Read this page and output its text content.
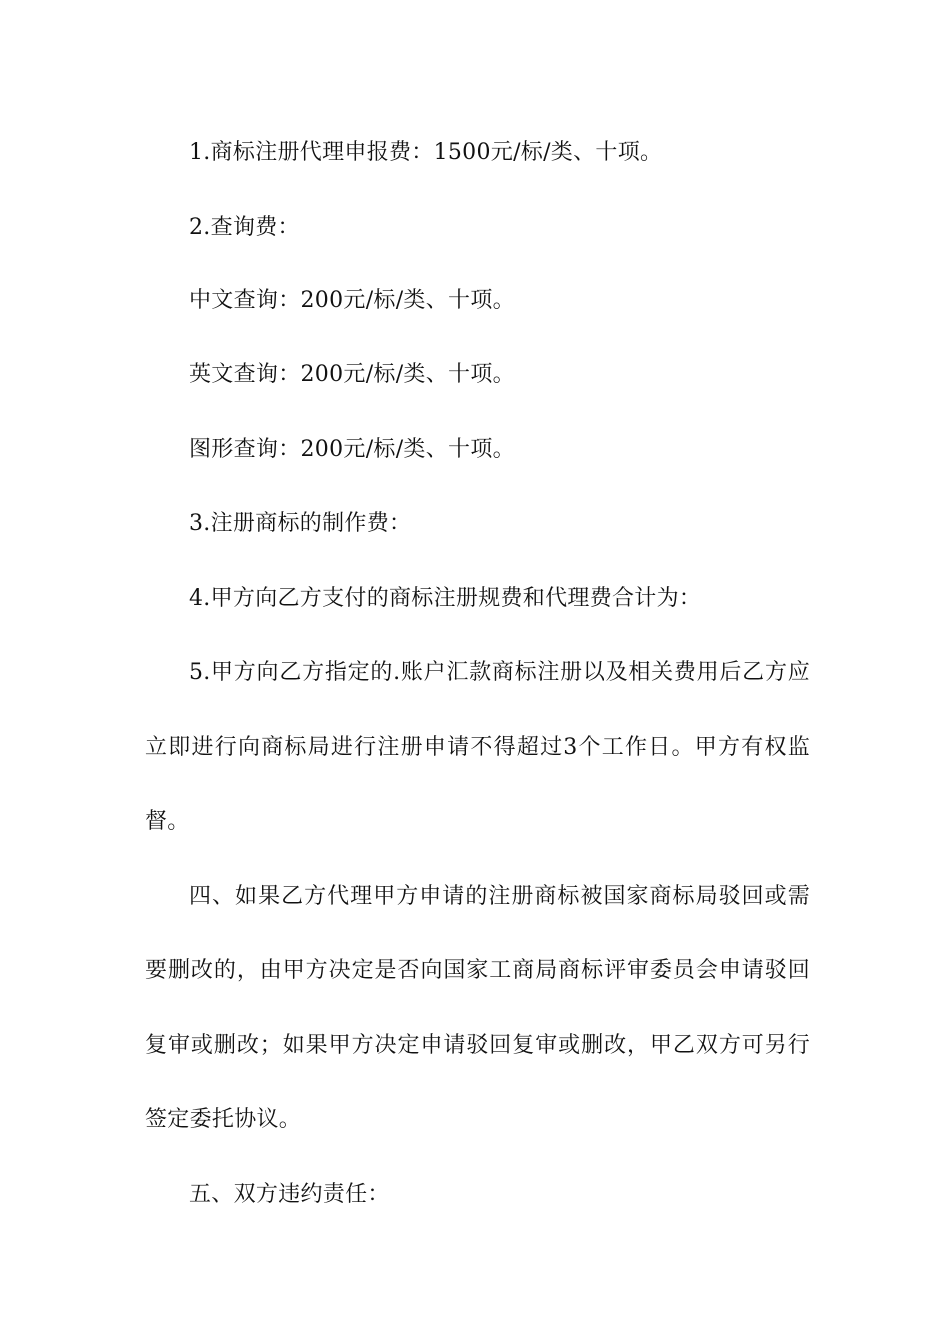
1.商标注册代理申报费：1500元/标/类、十项。
2.查询费：
中文查询：200元/标/类、十项。
英文查询：200元/标/类、十项。
图形查询：200元/标/类、十项。
3.注册商标的制作费：
4.甲方向乙方支付的商标注册规费和代理费合计为：
5.甲方向乙方指定的.账户汇款商标注册以及相关费用后乙方应
立即进行向商标局进行注册申请不得超过3个工作日。甲方有权监
督。
四、如果乙方代理甲方申请的注册商标被国家商标局驳回或需
要删改的，由甲方决定是否向国家工商局商标评审委员会申请驳回
复审或删改；如果甲方决定申请驳回复审或删改，甲乙双方可另行
签定委托协议。
五、双方违约责任：
